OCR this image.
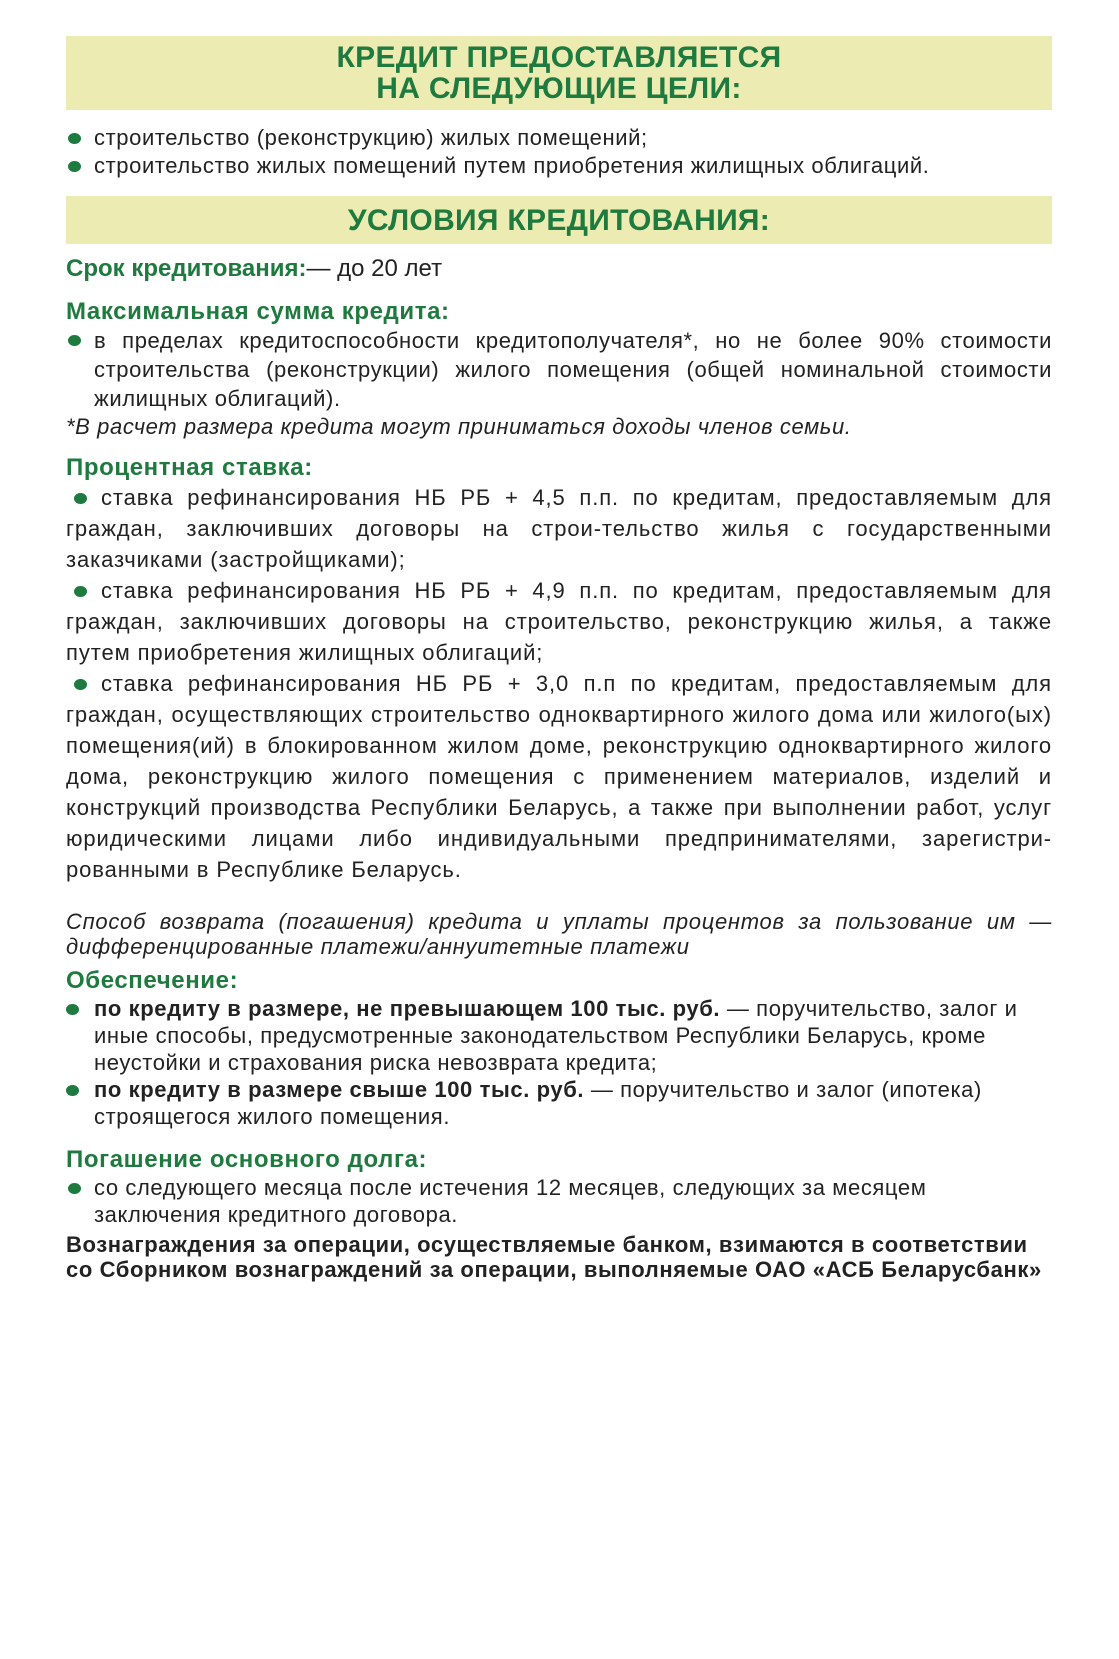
КРЕДИТ ПРЕДОСТАВЛЯЕТСЯ
НА СЛЕДУЮЩИЕ ЦЕЛИ:
строительство (реконструкцию) жилых помещений;
строительство жилых помещений путем приобретения жилищных облигаций.
УСЛОВИЯ КРЕДИТОВАНИЯ:
Срок кредитования:— до 20 лет
Максимальная сумма кредита:
в пределах кредитоспособности кредитополучателя*, но не более 90% стоимости строительства (реконструкции) жилого помещения (общей номинальной стоимости жилищных облигаций).
*В расчет размера кредита могут приниматься доходы членов семьи.
Процентная ставка:
ставка рефинансирования НБ РБ + 4,5 п.п. по кредитам, предоставляемым для граждан, заключивших договоры на строи-тельство жилья с государственными заказчиками (застройщиками);
ставка рефинансирования НБ РБ + 4,9 п.п. по кредитам, предоставляемым для граждан, заключивших договоры на строительство, реконструкцию жилья, а также путем приобретения жилищных облигаций;
ставка рефинансирования НБ РБ + 3,0 п.п по кредитам, предоставляемым для граждан, осуществляющих строительство одноквартирного жилого дома или жилого(ых) помещения(ий) в блокированном жилом доме, реконструкцию одноквартирного жилого дома, реконструкцию жилого помещения с применением материалов, изделий и конструкций производства Республики Беларусь, а также при выполнении работ, услуг юридическими лицами либо индивидуальными предпринимателями, зарегистри-рованными в Республике Беларусь.
Способ возврата (погашения) кредита и уплаты процентов за пользование им — дифференцированные платежи/аннуитетные платежи
Обеспечение:
по кредиту в размере, не превышающем 100 тыс. руб. — поручительство, залог и иные способы, предусмотренные законодательством Республики Беларусь, кроме неустойки и страхования риска невозврата кредита;
по кредиту в размере свыше 100 тыс. руб. — поручительство и залог (ипотека) строящегося жилого помещения.
Погашение основного долга:
со следующего месяца после истечения 12 месяцев, следующих за месяцем заключения кредитного договора.
Вознаграждения за операции, осуществляемые банком, взимаются в соответствии со Сборником вознаграждений за операции, выполняемые ОАО «АСБ Беларусбанк»
